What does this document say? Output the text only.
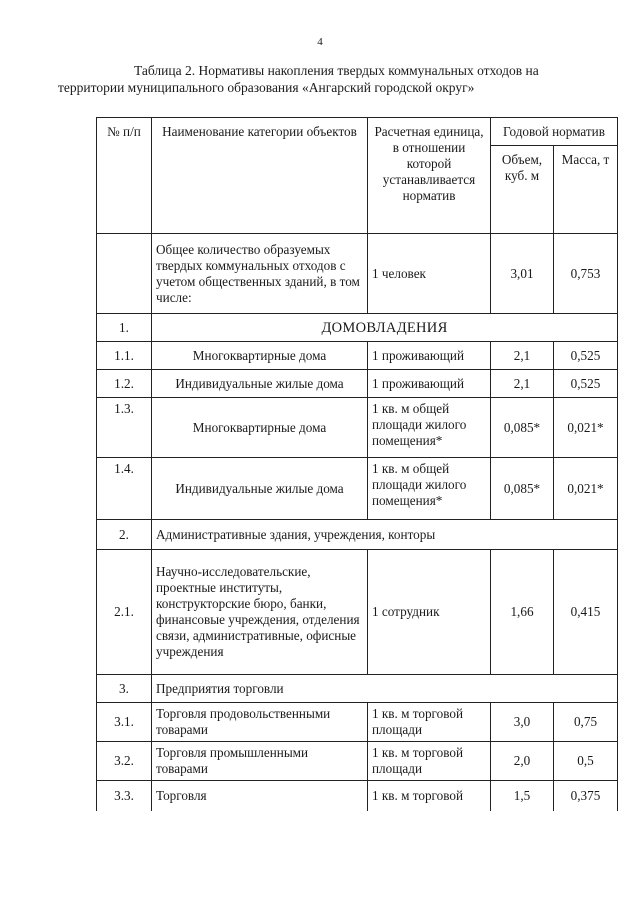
4
Таблица 2. Нормативы накопления твердых коммунальных отходов на
территории муниципального образования «Ангарский городской округ»
№ п/п	Наименование категории объектов	Расчетная единица, в отношении которой устанавливается норматив	Годовой норматив	
			Объем, куб. м	Масса, т
	Общее количество образуемых твердых коммунальных отходов с учетом общественных зданий, в том числе:	1 человек	3,01	0,753
1.	ДОМОВЛАДЕНИЯ			
1.1.	Многоквартирные дома	1 проживающий	2,1	0,525
1.2.	Индивидуальные жилые дома	1 проживающий	2,1	0,525
1.3.	Многоквартирные дома	1 кв. м общей площади жилого помещения*	0,085*	0,021*
1.4.	Индивидуальные жилые дома	1 кв. м общей площади жилого помещения*	0,085*	0,021*
2.	Административные здания, учреждения, конторы			
2.1.	Научно-исследовательские, проектные институты, конструкторские бюро, банки, финансовые учреждения, отделения связи, административные, офисные учреждения	1 сотрудник	1,66	0,415
3.	Предприятия торговли			
3.1.	Торговля продовольственными товарами	1 кв. м торговой площади	3,0	0,75
3.2.	Торговля промышленными товарами	1 кв. м торговой площади	2,0	0,5
3.3.	Торговля	1 кв. м торговой	1,5	0,375
